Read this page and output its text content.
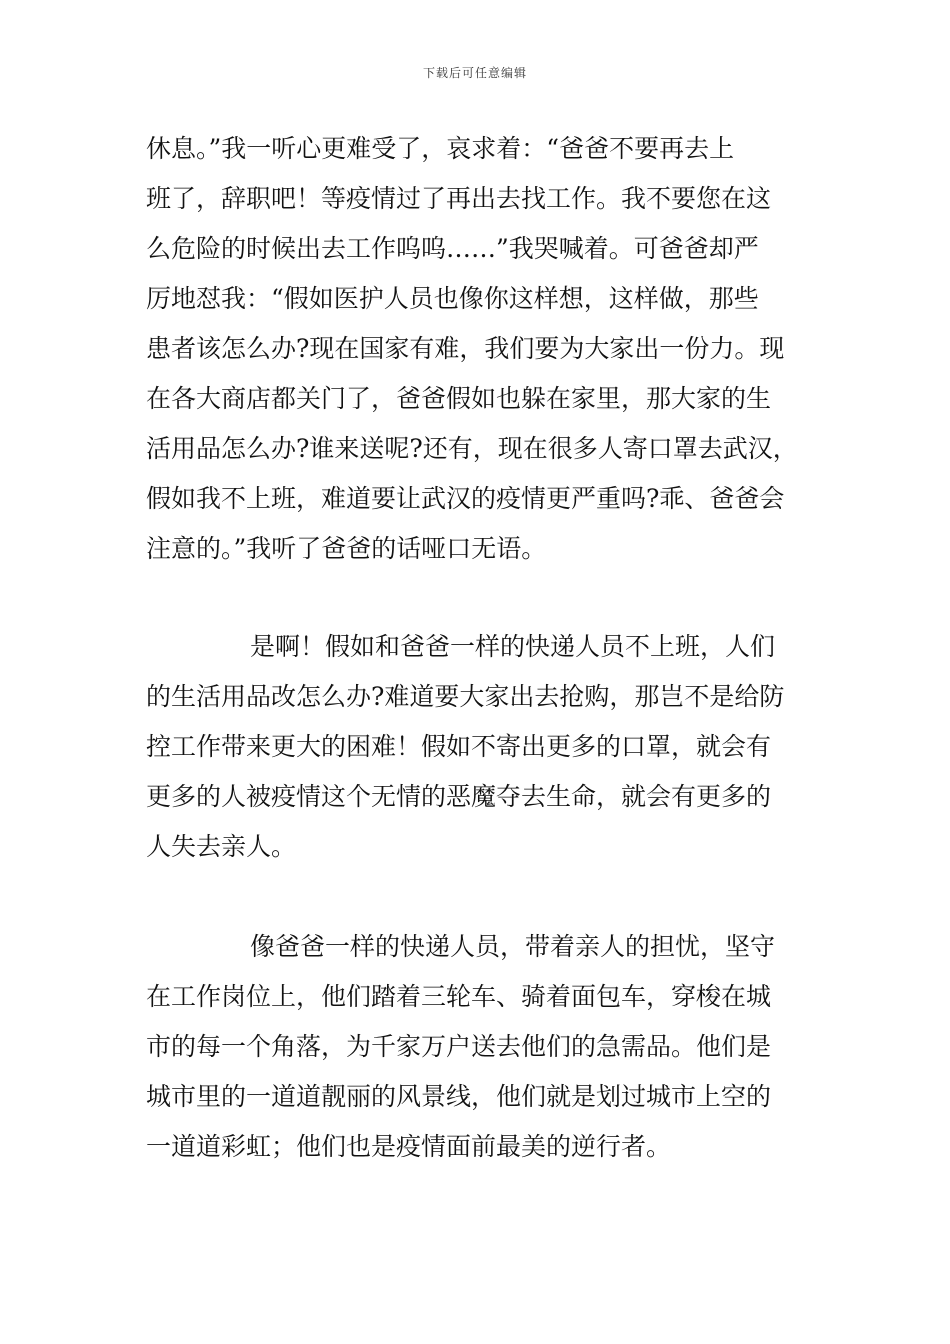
下载后可任意编辑

休息。”我一听心更难受了，哀求着：“爸爸不要再去上
班了，辞职吧！等疫情过了再出去找工作。我不要您在这
么危险的时候出去工作呜呜……”我哭喊着。可爸爸却严
厉地怼我：“假如医护人员也像你这样想，这样做，那些
患者该怎么办?现在国家有难，我们要为大家出一份力。现
在各大商店都关门了，爸爸假如也躲在家里，那大家的生
活用品怎么办?谁来送呢?还有，现在很多人寄口罩去武汉，
假如我不上班，难道要让武汉的疫情更严重吗?乖、爸爸会
注意的。”我听了爸爸的话哑口无语。

是啊！假如和爸爸一样的快递人员不上班，人们
的生活用品改怎么办?难道要大家出去抢购，那岂不是给防
控工作带来更大的困难！假如不寄出更多的口罩，就会有
更多的人被疫情这个无情的恶魔夺去生命，就会有更多的
人失去亲人。

像爸爸一样的快递人员，带着亲人的担忧，坚守
在工作岗位上，他们踏着三轮车、骑着面包车，穿梭在城
市的每一个角落，为千家万户送去他们的急需品。他们是
城市里的一道道靓丽的风景线，他们就是划过城市上空的
一道道彩虹；他们也是疫情面前最美的逆行者。
